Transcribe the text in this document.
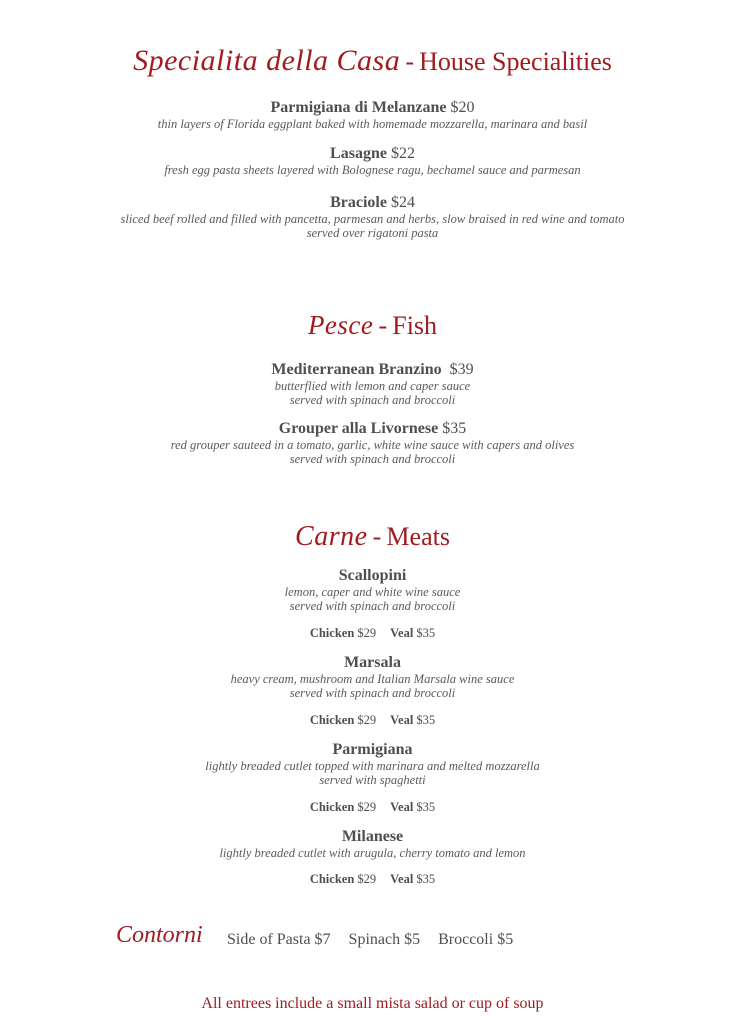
Specialita della Casa - House Specialities
Parmigiana di Melanzane $20
thin layers of Florida eggplant baked with homemade mozzarella, marinara and basil
Lasagne $22
fresh egg pasta sheets layered with Bolognese ragu, bechamel sauce and parmesan
Braciole $24
sliced beef rolled and filled with pancetta, parmesan and herbs, slow braised in red wine and tomato
served over rigatoni pasta
Pesce - Fish
Mediterranean Branzino $39
butterflied with lemon and caper sauce
served with spinach and broccoli
Grouper alla Livornese $35
red grouper sauteed in a tomato, garlic, white wine sauce with capers and olives
served with spinach and broccoli
Carne - Meats
Scallopini
lemon, caper and white wine sauce
served with spinach and broccoli
Chicken $29 Veal $35
Marsala
heavy cream, mushroom and Italian Marsala wine sauce
served with spinach and broccoli
Chicken $29 Veal $35
Parmigiana
lightly breaded cutlet topped with marinara and melted mozzarella
served with spaghetti
Chicken $29 Veal $35
Milanese
lightly breaded cutlet with arugula, cherry tomato and lemon
Chicken $29 Veal $35
Contorni Side of Pasta $7 Spinach $5 Broccoli $5
All entrees include a small mista salad or cup of soup
